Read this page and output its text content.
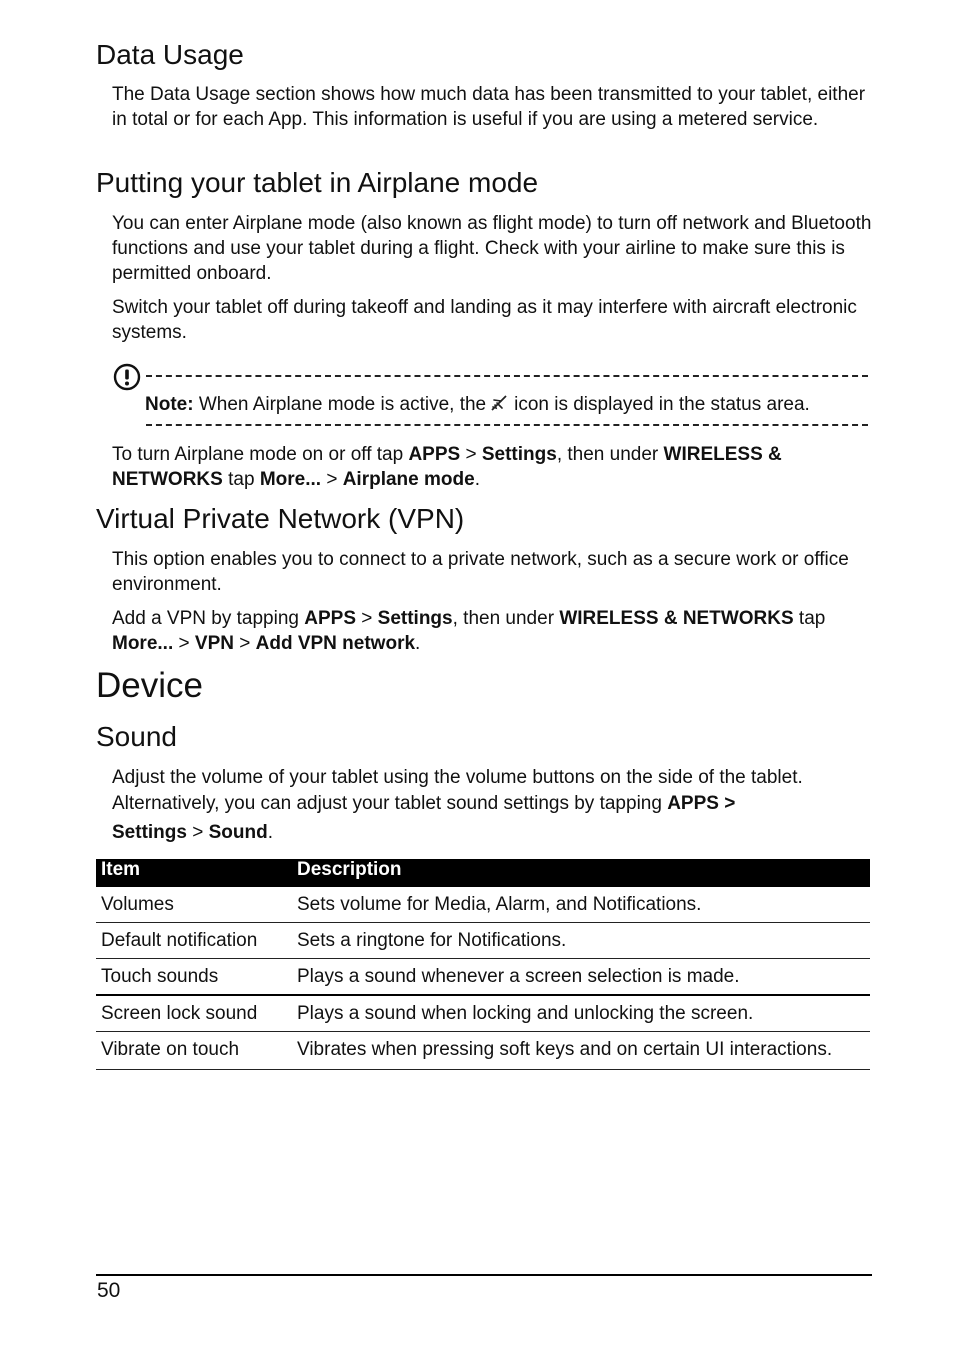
Data Usage

The Data Usage section shows how much data has been transmitted to your tablet, either in total or for each App. This information is useful if you are using a metered service.

Putting your tablet in Airplane mode

You can enter Airplane mode (also known as flight mode) to turn off network and Bluetooth functions and use your tablet during a flight. Check with your airline to make sure this is permitted onboard.

Switch your tablet off during takeoff and landing as it may interfere with aircraft electronic systems.

Note: When Airplane mode is active, the icon is displayed in the status area.

To turn Airplane mode on or off tap APPS > Settings, then under WIRELESS & NETWORKS tap More... > Airplane mode.

Virtual Private Network (VPN)

This option enables you to connect to a private network, such as a secure work or office environment.

Add a VPN by tapping APPS > Settings, then under WIRELESS & NETWORKS tap More... > VPN > Add VPN network.

Device
Sound

Adjust the volume of your tablet using the volume buttons on the side of the tablet. Alternatively, you can adjust your tablet sound settings by tapping APPS >
Settings > Sound.

Item	Description
Volumes	Sets volume for Media, Alarm, and Notifications.
Default notification	Sets a ringtone for Notifications.
Touch sounds	Plays a sound whenever a screen selection is made.
Screen lock sound	Plays a sound when locking and unlocking the screen.
Vibrate on touch	Vibrates when pressing soft keys and on certain UI interactions.
50
